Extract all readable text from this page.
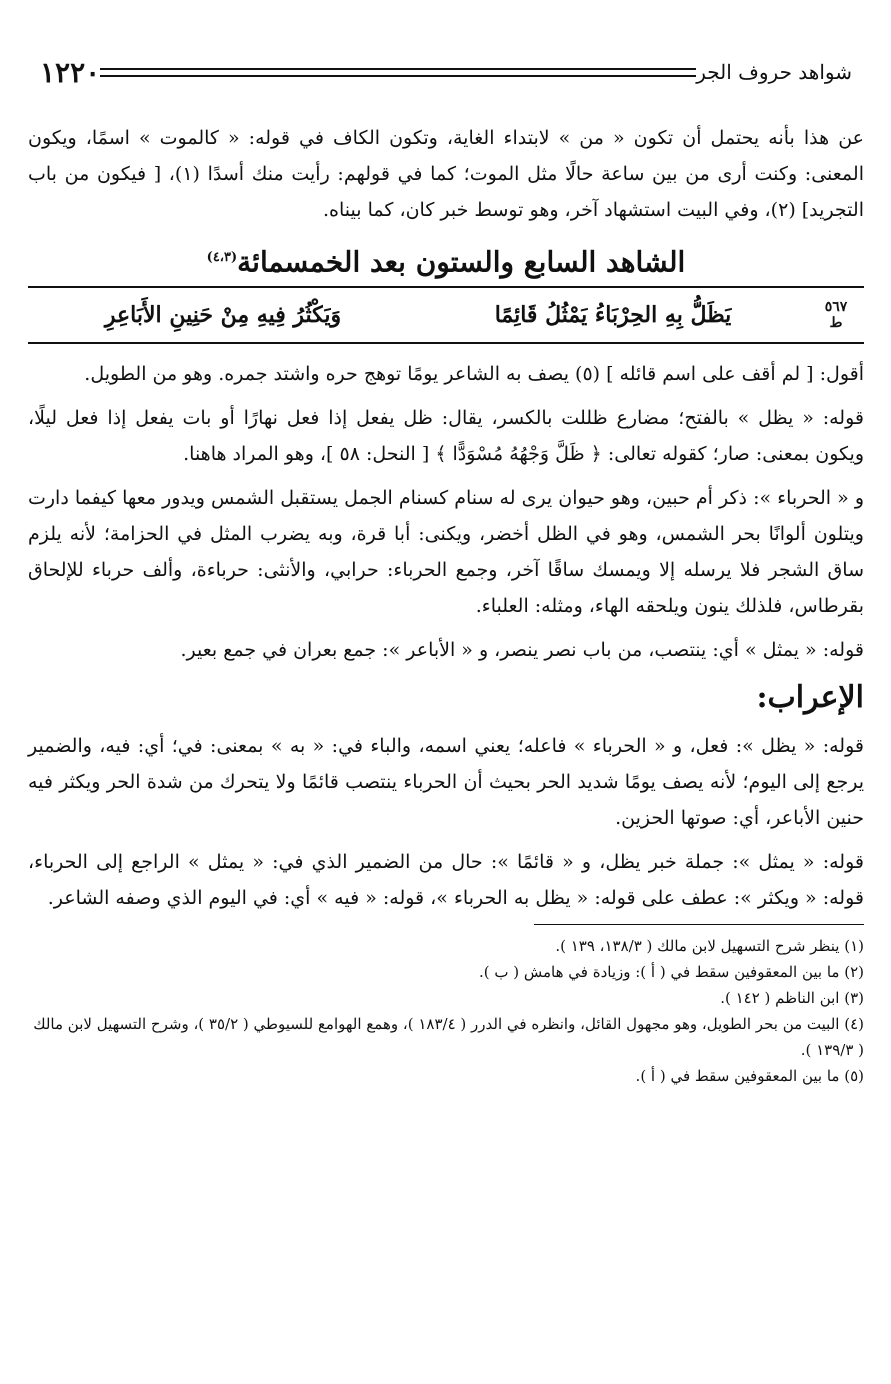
شواهد حروف الجر
١٢٢٠

عن هذا بأنه يحتمل أن تكون « من » لابتداء الغاية، وتكون الكاف في قوله: « كالموت » اسمًا، ويكون المعنى: وكنت أرى من بين ساعة حالًا مثل الموت؛ كما في قولهم: رأيت منك أسدًا (١)، [ فيكون من باب التجريد] (٢)، وفي البيت استشهاد آخر، وهو توسط خبر كان، كما بيناه.

الشاهد السابع والستون بعد الخمسمائة$^{(٤،٣)}$
٥٦٧
ط
يَظَلُّ بِهِ الحِرْبَاءُ يَمْثُلُ قَائِمًا
وَيَكْثُرُ فِيهِ مِنْ حَنِينِ الأَبَاعِرِ

أقول: [ لم أقف على اسم قائله ] (٥) يصف به الشاعر يومًا توهج حره واشتد جمره. وهو من الطويل.

قوله: « يظل » بالفتح؛ مضارع ظللت بالكسر، يقال: ظل يفعل إذا فعل نهارًا أو بات يفعل إذا فعل ليلًا، ويكون بمعنى: صار؛ كقوله تعالى: ﴿ ظَلَّ وَجْهُهُ مُسْوَدًّا ﴾ [ النحل: ٥٨ ]، وهو المراد هاهنا.

و « الحرباء »: ذكر أم حبين، وهو حيوان يرى له سنام كسنام الجمل يستقبل الشمس ويدور معها كيفما دارت ويتلون ألوانًا بحر الشمس، وهو في الظل أخضر، ويكنى: أبا قرة، وبه يضرب المثل في الحزامة؛ لأنه يلزم ساق الشجر فلا يرسله إلا ويمسك ساقًا آخر، وجمع الحرباء: حرابي، والأنثى: حرباءة، وألف حرباء للإلحاق بقرطاس، فلذلك ينون ويلحقه الهاء، ومثله: العلباء.

قوله: « يمثل » أي: ينتصب، من باب نصر ينصر، و « الأباعر »: جمع بعران في جمع بعير.

الإعراب:

قوله: « يظل »: فعل، و « الحرباء » فاعله؛ يعني اسمه، والباء في: « به » بمعنى: في؛ أي: فيه، والضمير يرجع إلى اليوم؛ لأنه يصف يومًا شديد الحر بحيث أن الحرباء ينتصب قائمًا ولا يتحرك من شدة الحر ويكثر فيه حنين الأباعر، أي: صوتها الحزين.

قوله: « يمثل »: جملة خبر يظل، و « قائمًا »: حال من الضمير الذي في: « يمثل » الراجع إلى الحرباء، قوله: « ويكثر »: عطف على قوله: « يظل به الحرباء »، قوله: « فيه » أي: في اليوم الذي وصفه الشاعر.

(١) ينظر شرح التسهيل لابن مالك ( ١٣٨/٣، ١٣٩ ).

(٢) ما بين المعقوفين سقط في ( أ ): وزيادة في هامش ( ب ).

(٣) ابن الناظم ( ١٤٢ ).

(٤) البيت من بحر الطويل، وهو مجهول القائل، وانظره في الدرر ( ١٨٣/٤ )، وهمع الهوامع للسيوطي ( ٣٥/٢ )، وشرح التسهيل لابن مالك ( ١٣٩/٣ ).

(٥) ما بين المعقوفين سقط في ( أ ).
